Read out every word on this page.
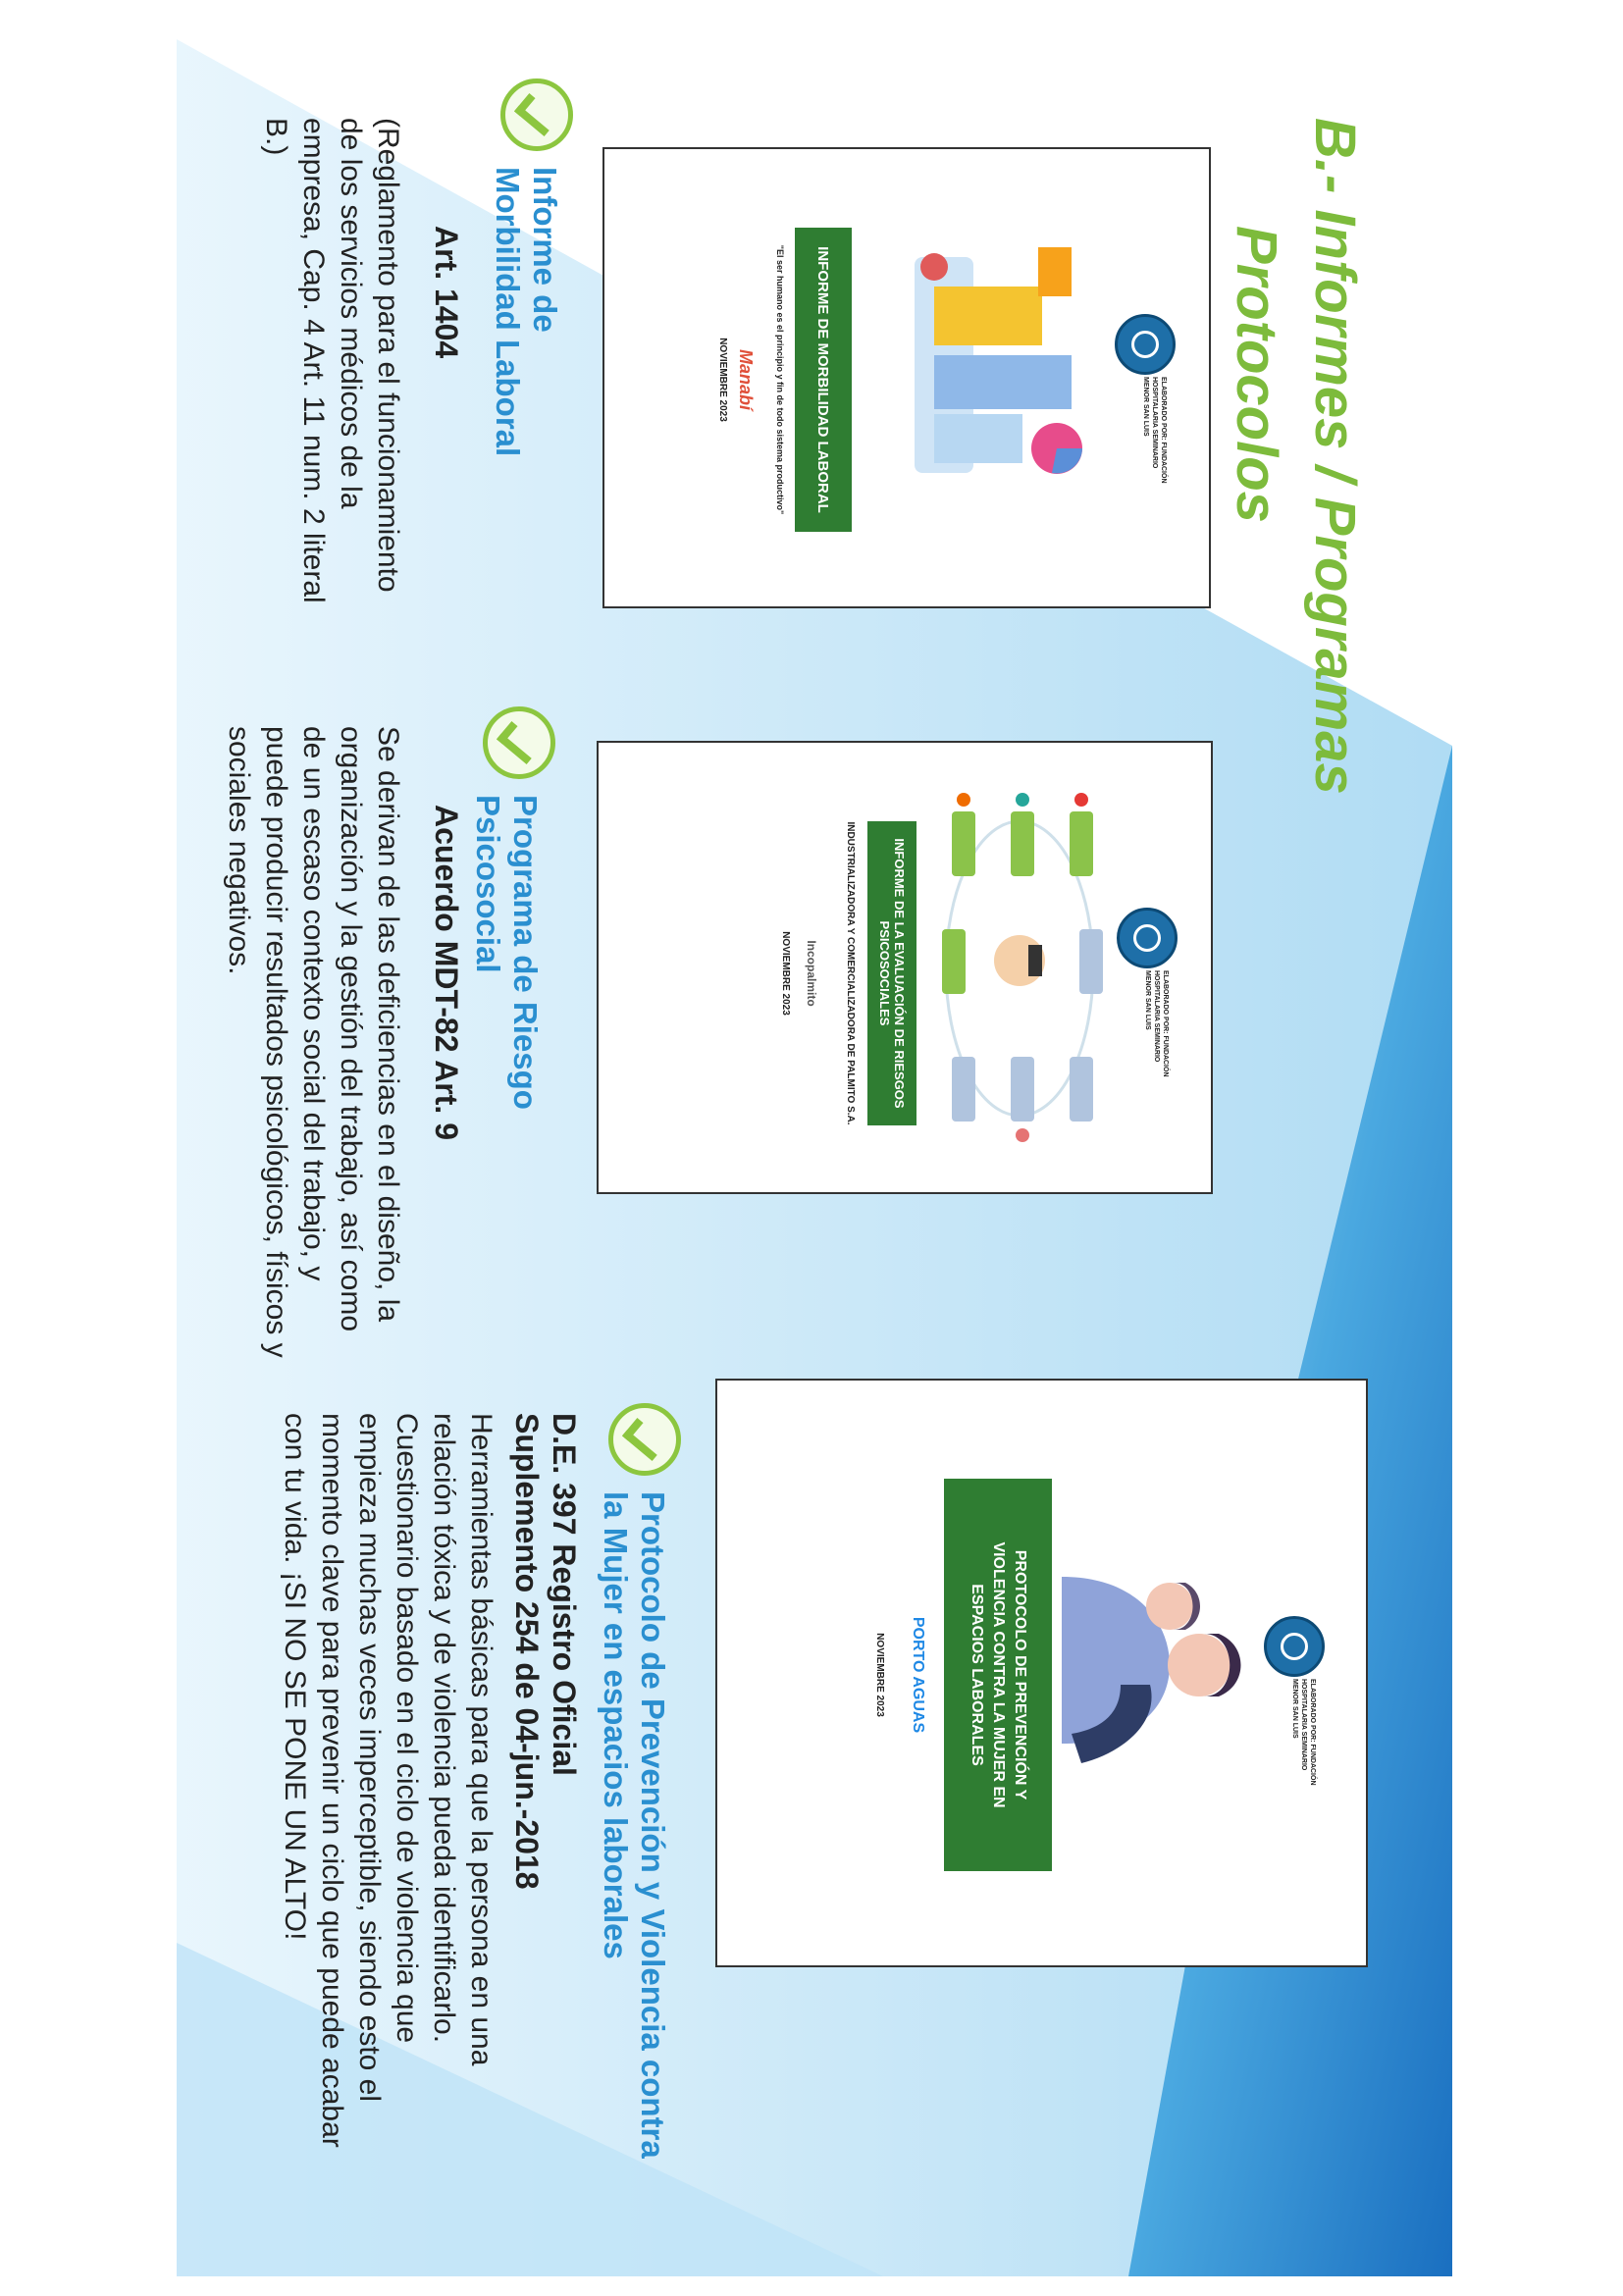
B.- Informes / Programas
Protocolos
ELABORADO POR: FUNDACIÓN HOSPITALARIA SEMINARIO MENOR SAN LUIS
INFORME DE MORBILIDAD LABORAL
"El ser humano es el principio y fin de todo sistema productivo"
Manabí
NOVIEMBRE 2023
Informe de Morbilidad Laboral
Art. 1404
(Reglamento para el funcionamiento de los servicios médicos de la empresa, Cap. 4 Art. 11 num. 2 literal B.)
ELABORADO POR: FUNDACIÓN HOSPITALARIA SEMINARIO MENOR SAN LUIS
INFORME DE LA EVALUACIÓN DE RIESGOS PSICOSOCIALES
INDUSTRIALIZADORA Y COMERCIALIZADORA DE PALMITO S.A.
Incopalmito
NOVIEMBRE 2023
Programa de Riesgo Psicosocial
Acuerdo MDT-82 Art. 9
Se derivan de las deficiencias en el diseño, la organización y la gestión del trabajo, así como de un escaso contexto social del trabajo, y puede producir resultados psicológicos, físicos y sociales negativos.
ELABORADO POR: FUNDACIÓN HOSPITALARIA SEMINARIO MENOR SAN LUIS
PROTOCOLO DE PREVENCIÓN Y VIOLENCIA CONTRA LA MUJER EN ESPACIOS LABORALES
PORTO AGUAS
NOVIEMBRE 2023
Protocolo de Prevención y Violencia contra la Mujer en espacios laborales
D.E. 397 Registro Oficial
Suplemento 254 de 04-jun.-2018
Herramientas básicas para que la persona en una relación tóxica y de violencia pueda identificarlo. Cuestionario basado en el ciclo de violencia que empieza muchas veces imperceptible, siendo esto el momento clave para prevenir un ciclo que puede acabar con tu vida. ¡SI NO SE PONE UN ALTO!
